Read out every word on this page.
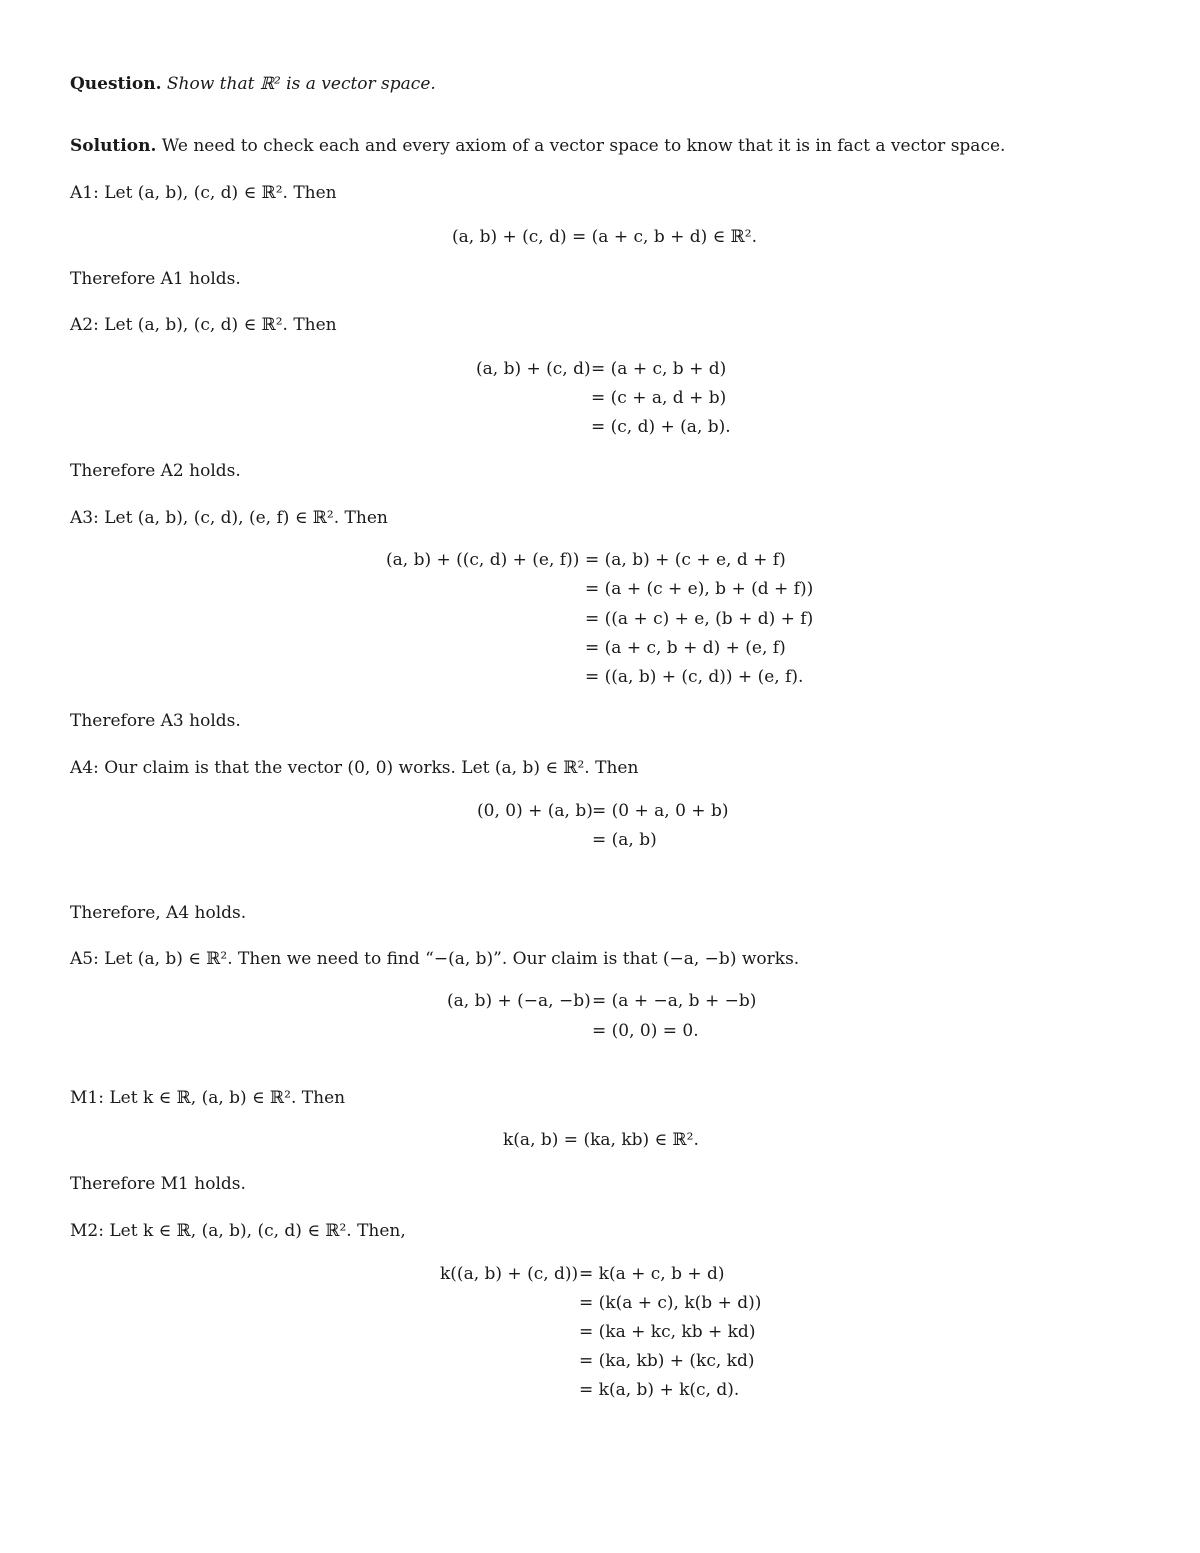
Question. Show that ℝ² is a vector space.
Solution. We need to check each and every axiom of a vector space to know that it is in fact a vector space.
A1: Let (a, b), (c, d) ∈ ℝ². Then
(a, b) + (c, d) = (a + c, b + d) ∈ ℝ².
Therefore A1 holds.
A2: Let (a, b), (c, d) ∈ ℝ². Then
(a, b) + (c, d) = (a + c, b + d)
= (c + a, d + b)
= (c, d) + (a, b).
Therefore A2 holds.
A3: Let (a, b), (c, d), (e, f) ∈ ℝ². Then
(a, b) + ((c, d) + (e, f)) = (a, b) + (c + e, d + f)
= (a + (c + e), b + (d + f))
= ((a + c) + e, (b + d) + f)
= (a + c, b + d) + (e, f)
= ((a, b) + (c, d)) + (e, f).
Therefore A3 holds.
A4: Our claim is that the vector (0, 0) works. Let (a, b) ∈ ℝ². Then
(0, 0) + (a, b) = (0 + a, 0 + b)
= (a, b)
Therefore, A4 holds.
A5: Let (a, b) ∈ ℝ². Then we need to find “−(a, b)”. Our claim is that (−a, −b) works.
(a, b) + (−a, −b) = (a + −a, b + −b)
= (0, 0) = 0.
M1: Let k ∈ ℝ, (a, b) ∈ ℝ². Then
k(a, b) = (ka, kb) ∈ ℝ².
Therefore M1 holds.
M2: Let k ∈ ℝ, (a, b), (c, d) ∈ ℝ². Then,
k((a, b) + (c, d)) = k(a + c, b + d)
= (k(a + c), k(b + d))
= (ka + kc, kb + kd)
= (ka, kb) + (kc, kd)
= k(a, b) + k(c, d).
